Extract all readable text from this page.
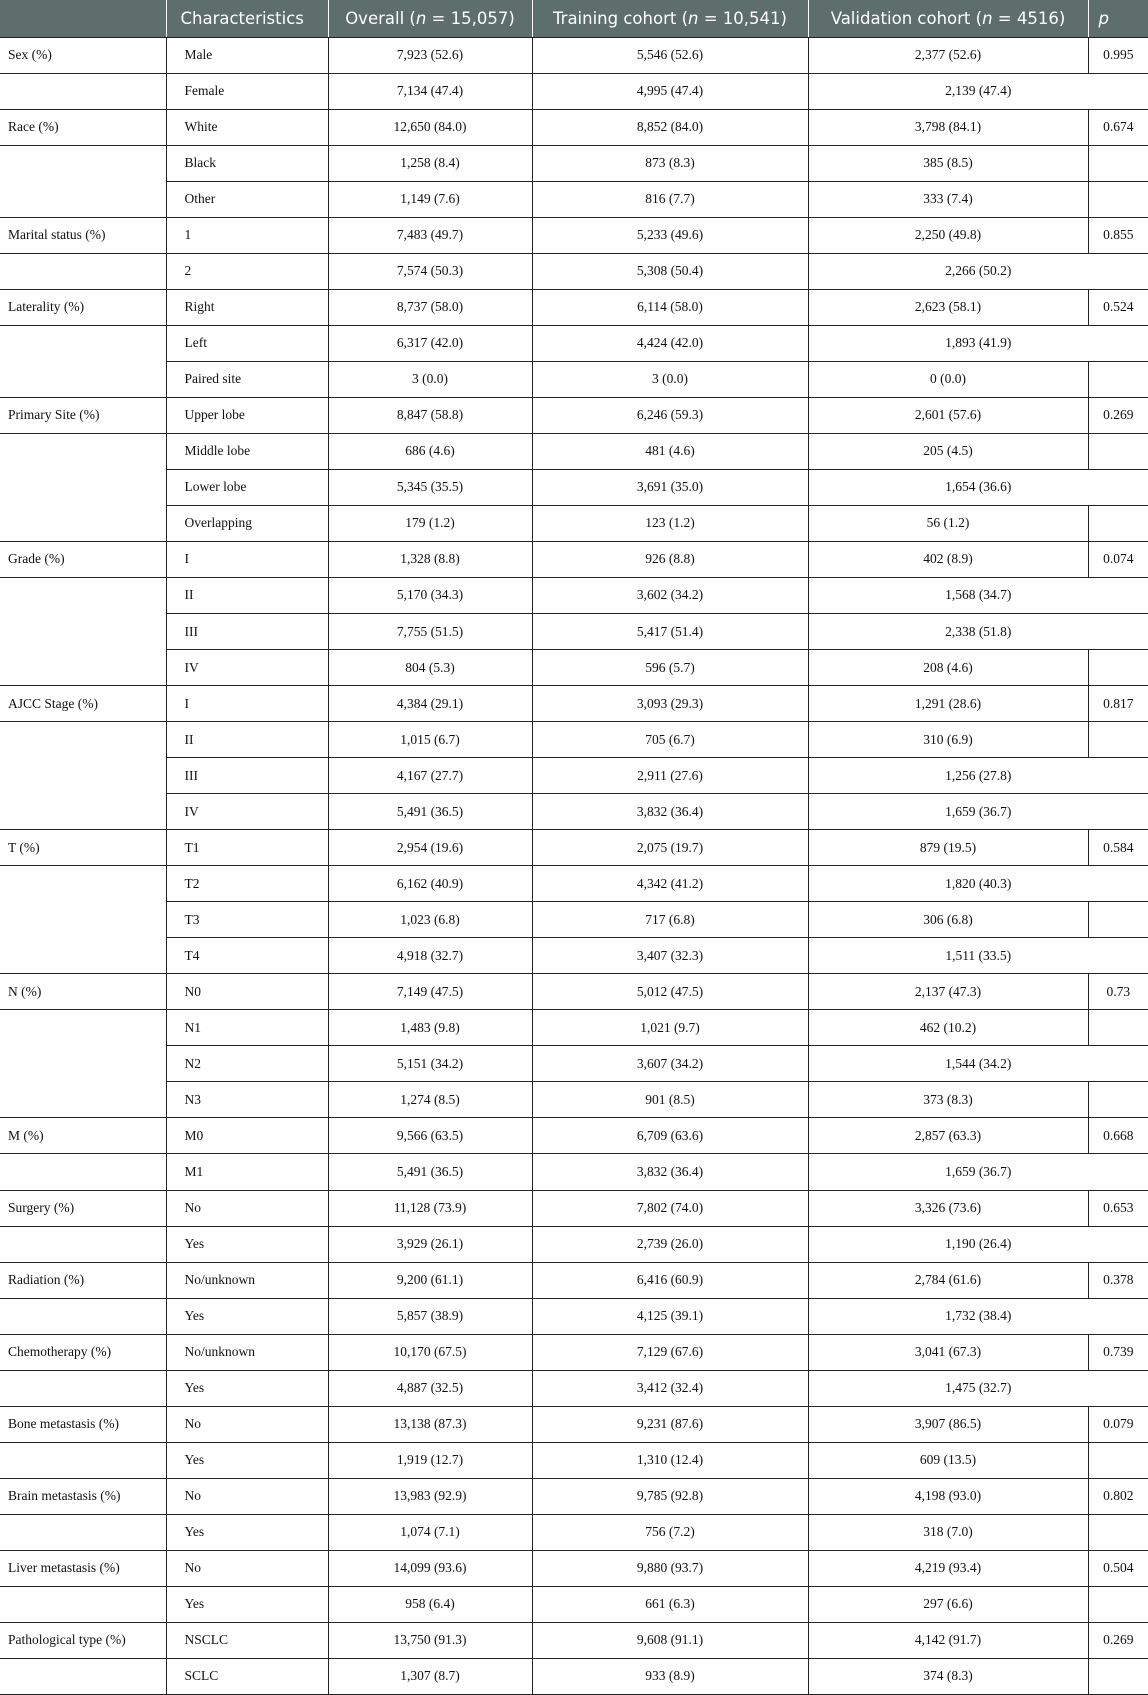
	Characteristics	Overall (n = 15,057)	Training cohort (n = 10,541)	Validation cohort (n = 4516)	p
Sex (%)	Male	7,923 (52.6)	5,546 (52.6)	2,377 (52.6)	0.995
	Female	7,134 (47.4)	4,995 (47.4)	2,139 (47.4)	
Race (%)	White	12,650 (84.0)	8,852 (84.0)	3,798 (84.1)	0.674
	Black	1,258 (8.4)	873 (8.3)	385 (8.5)	
	Other	1,149 (7.6)	816 (7.7)	333 (7.4)	
Marital status (%)	1	7,483 (49.7)	5,233 (49.6)	2,250 (49.8)	0.855
	2	7,574 (50.3)	5,308 (50.4)	2,266 (50.2)	
Laterality (%)	Right	8,737 (58.0)	6,114 (58.0)	2,623 (58.1)	0.524
	Left	6,317 (42.0)	4,424 (42.0)	1,893 (41.9)	
	Paired site	3 (0.0)	3 (0.0)	0 (0.0)	
Primary Site (%)	Upper lobe	8,847 (58.8)	6,246 (59.3)	2,601 (57.6)	0.269
	Middle lobe	686 (4.6)	481 (4.6)	205 (4.5)	
	Lower lobe	5,345 (35.5)	3,691 (35.0)	1,654 (36.6)	
	Overlapping	179 (1.2)	123 (1.2)	56 (1.2)	
Grade (%)	I	1,328 (8.8)	926 (8.8)	402 (8.9)	0.074
	II	5,170 (34.3)	3,602 (34.2)	1,568 (34.7)	
	III	7,755 (51.5)	5,417 (51.4)	2,338 (51.8)	
	IV	804 (5.3)	596 (5.7)	208 (4.6)	
AJCC Stage (%)	I	4,384 (29.1)	3,093 (29.3)	1,291 (28.6)	0.817
	II	1,015 (6.7)	705 (6.7)	310 (6.9)	
	III	4,167 (27.7)	2,911 (27.6)	1,256 (27.8)	
	IV	5,491 (36.5)	3,832 (36.4)	1,659 (36.7)	
T (%)	T1	2,954 (19.6)	2,075 (19.7)	879 (19.5)	0.584
	T2	6,162 (40.9)	4,342 (41.2)	1,820 (40.3)	
	T3	1,023 (6.8)	717 (6.8)	306 (6.8)	
	T4	4,918 (32.7)	3,407 (32.3)	1,511 (33.5)	
N (%)	N0	7,149 (47.5)	5,012 (47.5)	2,137 (47.3)	0.73
	N1	1,483 (9.8)	1,021 (9.7)	462 (10.2)	
	N2	5,151 (34.2)	3,607 (34.2)	1,544 (34.2)	
	N3	1,274 (8.5)	901 (8.5)	373 (8.3)	
M (%)	M0	9,566 (63.5)	6,709 (63.6)	2,857 (63.3)	0.668
	M1	5,491 (36.5)	3,832 (36.4)	1,659 (36.7)	
Surgery (%)	No	11,128 (73.9)	7,802 (74.0)	3,326 (73.6)	0.653
	Yes	3,929 (26.1)	2,739 (26.0)	1,190 (26.4)	
Radiation (%)	No/unknown	9,200 (61.1)	6,416 (60.9)	2,784 (61.6)	0.378
	Yes	5,857 (38.9)	4,125 (39.1)	1,732 (38.4)	
Chemotherapy (%)	No/unknown	10,170 (67.5)	7,129 (67.6)	3,041 (67.3)	0.739
	Yes	4,887 (32.5)	3,412 (32.4)	1,475 (32.7)	
Bone metastasis (%)	No	13,138 (87.3)	9,231 (87.6)	3,907 (86.5)	0.079
	Yes	1,919 (12.7)	1,310 (12.4)	609 (13.5)	
Brain metastasis (%)	No	13,983 (92.9)	9,785 (92.8)	4,198 (93.0)	0.802
	Yes	1,074 (7.1)	756 (7.2)	318 (7.0)	
Liver metastasis (%)	No	14,099 (93.6)	9,880 (93.7)	4,219 (93.4)	0.504
	Yes	958 (6.4)	661 (6.3)	297 (6.6)	
Pathological type (%)	NSCLC	13,750 (91.3)	9,608 (91.1)	4,142 (91.7)	0.269
	SCLC	1,307 (8.7)	933 (8.9)	374 (8.3)	
